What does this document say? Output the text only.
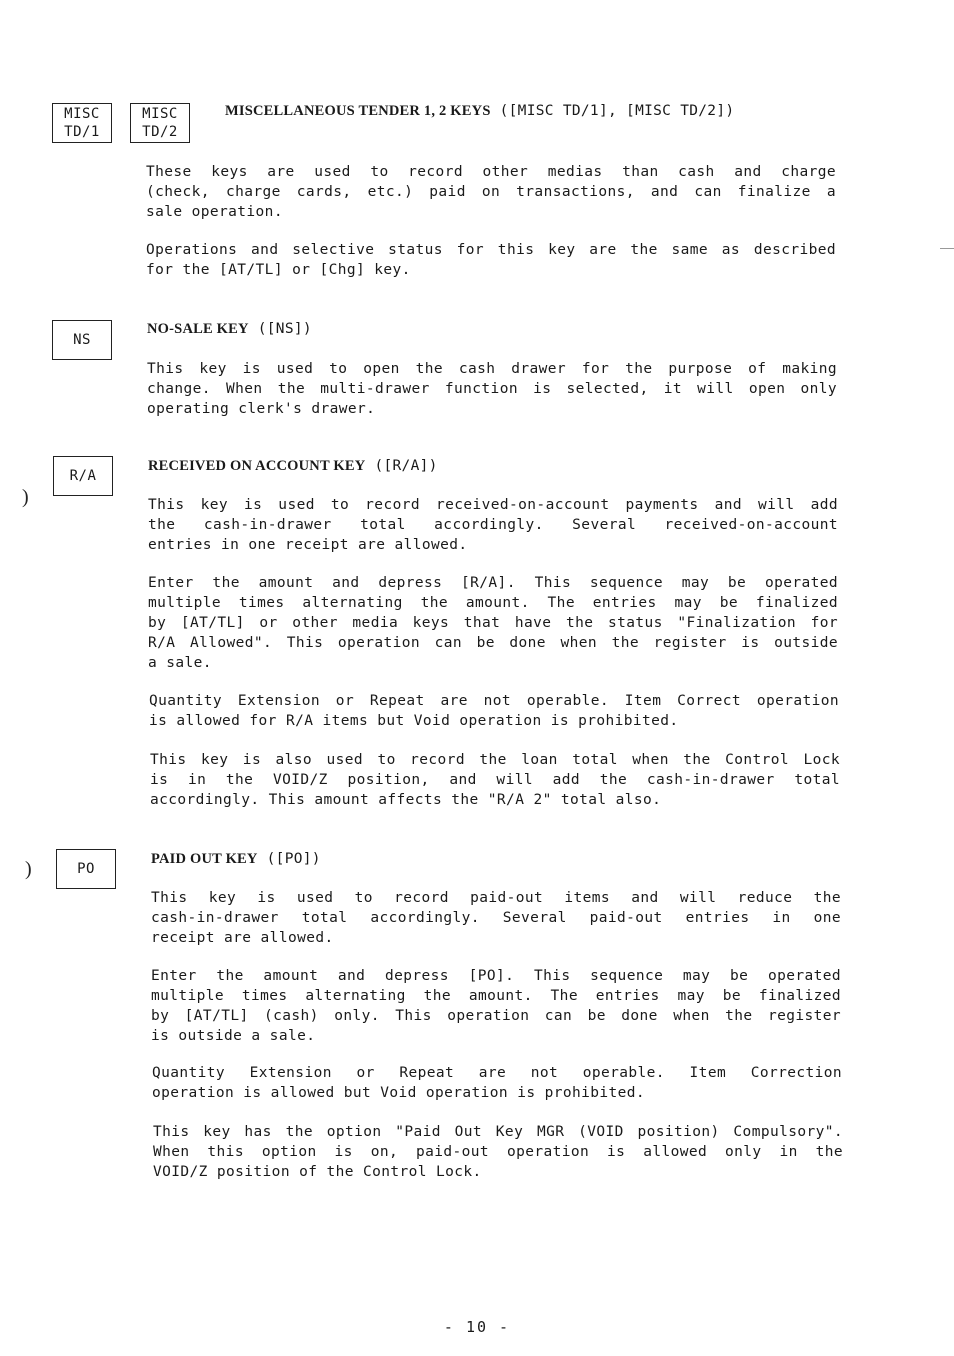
MISC
TD/1
MISC
TD/2
MISCELLANEOUS TENDER 1, 2 KEYS ([MISC TD/1], [MISC TD/2])
These keys are used to record other medias than cash and charge
(check, charge cards, etc.) paid on transactions, and can finalize a
sale operation.
Operations and selective status for this key are the same as described
for the [AT/TL] or [Chg] key.
NS
NO-SALE KEY ([NS])
This key is used to open the cash drawer for the purpose of making
change. When the multi-drawer function is selected, it will open only
operating clerk's drawer.
)
R/A
RECEIVED ON ACCOUNT KEY ([R/A])
This key is used to record received-on-account payments and will add
the cash-in-drawer total accordingly. Several received-on-account
entries in one receipt are allowed.
Enter the amount and depress [R/A]. This sequence may be operated
multiple times alternating the amount. The entries may be finalized
by [AT/TL] or other media keys that have the status "Finalization for
R/A Allowed". This operation can be done when the register is outside
a sale.
Quantity Extension or Repeat are not operable. Item Correct operation
is allowed for R/A items but Void operation is prohibited.
This key is also used to record the loan total when the Control Lock
is in the VOID/Z position, and will add the cash-in-drawer total
accordingly. This amount affects the "R/A 2" total also.
)	PO
PAID OUT KEY ([PO])
This key is used to record paid-out items and will reduce the
cash-in-drawer total accordingly. Several paid-out entries in one
receipt are allowed.
Enter the amount and depress [PO]. This sequence may be operated
multiple times alternating the amount. The entries may be finalized
by [AT/TL] (cash) only. This operation can be done when the register
is outside a sale.
Quantity Extension or Repeat are not operable. Item Correction
operation is allowed but Void operation is prohibited.
This key has the option "Paid Out Key MGR (VOID position) Compulsory".
When this option is on, paid-out operation is allowed only in the
VOID/Z position of the Control Lock.
- 10 -
